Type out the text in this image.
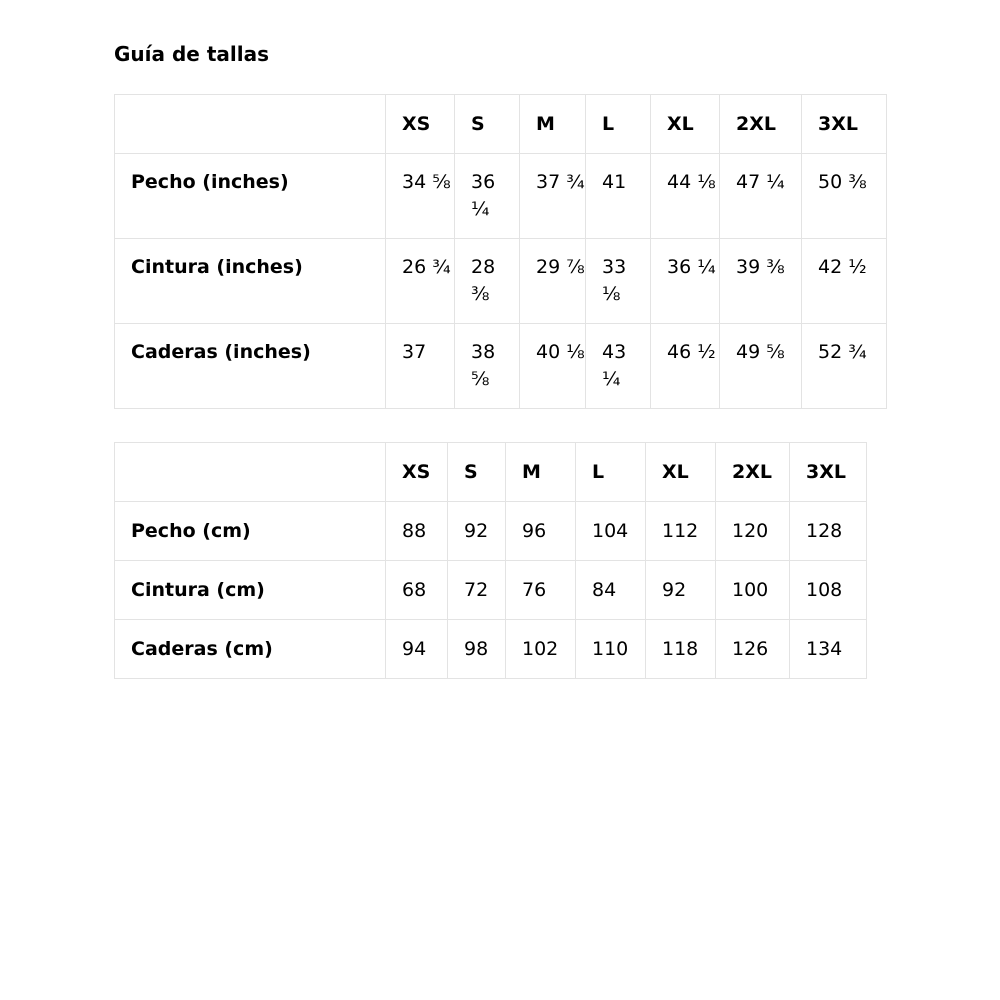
Guía de tallas
	XS	S	M	L	XL	2XL	3XL
Pecho (inches)	34 ⅝	36 ¼	37 ¾	41	44 ⅛	47 ¼	50 ⅜
Cintura (inches)	26 ¾	28 ⅜	29 ⅞	33 ⅛	36 ¼	39 ⅜	42 ½
Caderas (inches)	37	38 ⅝	40 ⅛	43 ¼	46 ½	49 ⅝	52 ¾
	XS	S	M	L	XL	2XL	3XL
Pecho (cm)	88	92	96	104	112	120	128
Cintura (cm)	68	72	76	84	92	100	108
Caderas (cm)	94	98	102	110	118	126	134
